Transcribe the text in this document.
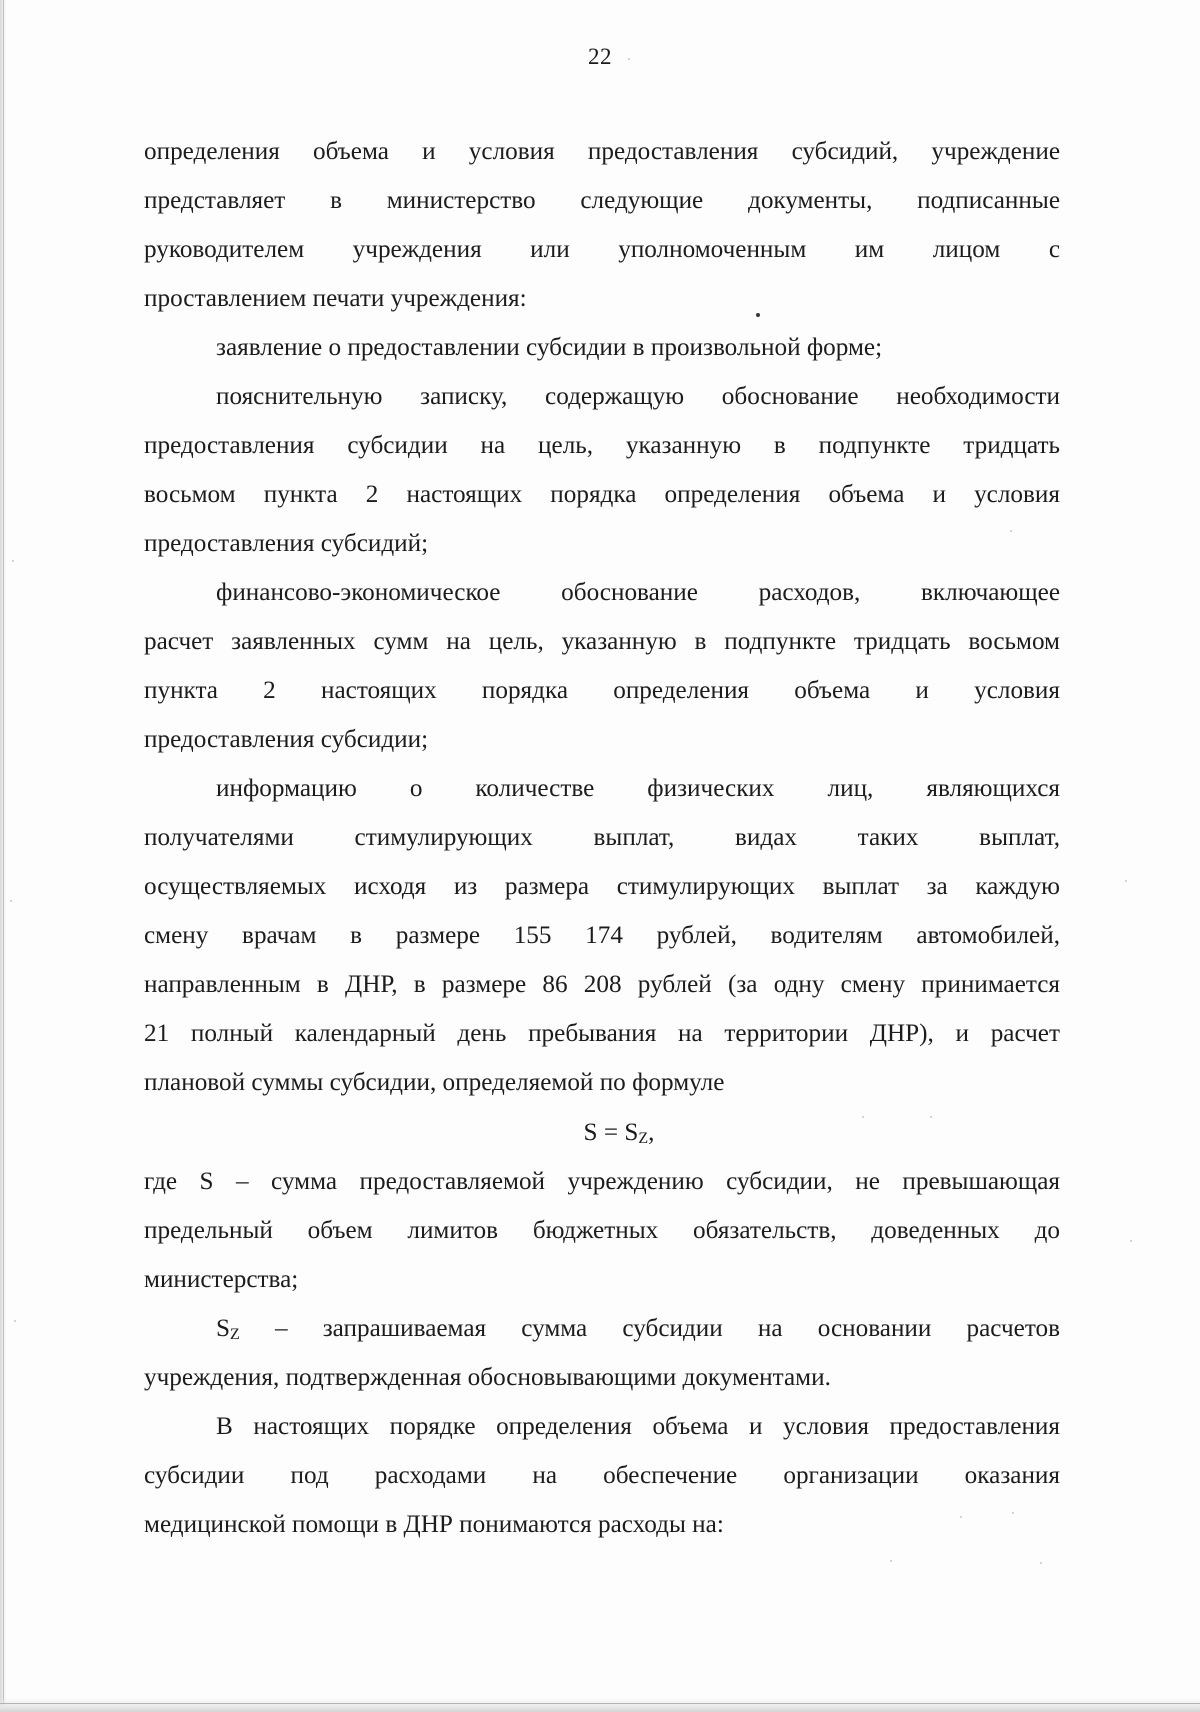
22
определения объема и условия предоставления субсидий, учреждение
представляет в министерство следующие документы, подписанные
руководителем учреждения или уполномоченным им лицом с
проставлением печати учреждения:
заявление о предоставлении субсидии в произвольной форме;
пояснительную записку, содержащую обоснование необходимости
предоставления субсидии на цель, указанную в подпункте тридцать
восьмом пункта 2 настоящих порядка определения объема и условия
предоставления субсидий;
финансово-экономическое обоснование расходов, включающее
расчет заявленных сумм на цель, указанную в подпункте тридцать восьмом
пункта 2 настоящих порядка определения объема и условия
предоставления субсидии;
информацию о количестве физических лиц, являющихся
получателями стимулирующих выплат, видах таких выплат,
осуществляемых исходя из размера стимулирующих выплат за каждую
смену врачам в размере 155 174 рублей, водителям автомобилей,
направленным в ДНР, в размере 86 208 рублей (за одну смену принимается
21 полный календарный день пребывания на территории ДНР), и расчет
плановой суммы субсидии, определяемой по формуле
$S = S_Z$,
где S – сумма предоставляемой учреждению субсидии, не превышающая
предельный объем лимитов бюджетных обязательств, доведенных до
министерства;
$S_Z$ – запрашиваемая сумма субсидии на основании расчетов
учреждения, подтвержденная обосновывающими документами.
В настоящих порядке определения объема и условия предоставления
субсидии под расходами на обеспечение организации оказания
медицинской помощи в ДНР понимаются расходы на:
